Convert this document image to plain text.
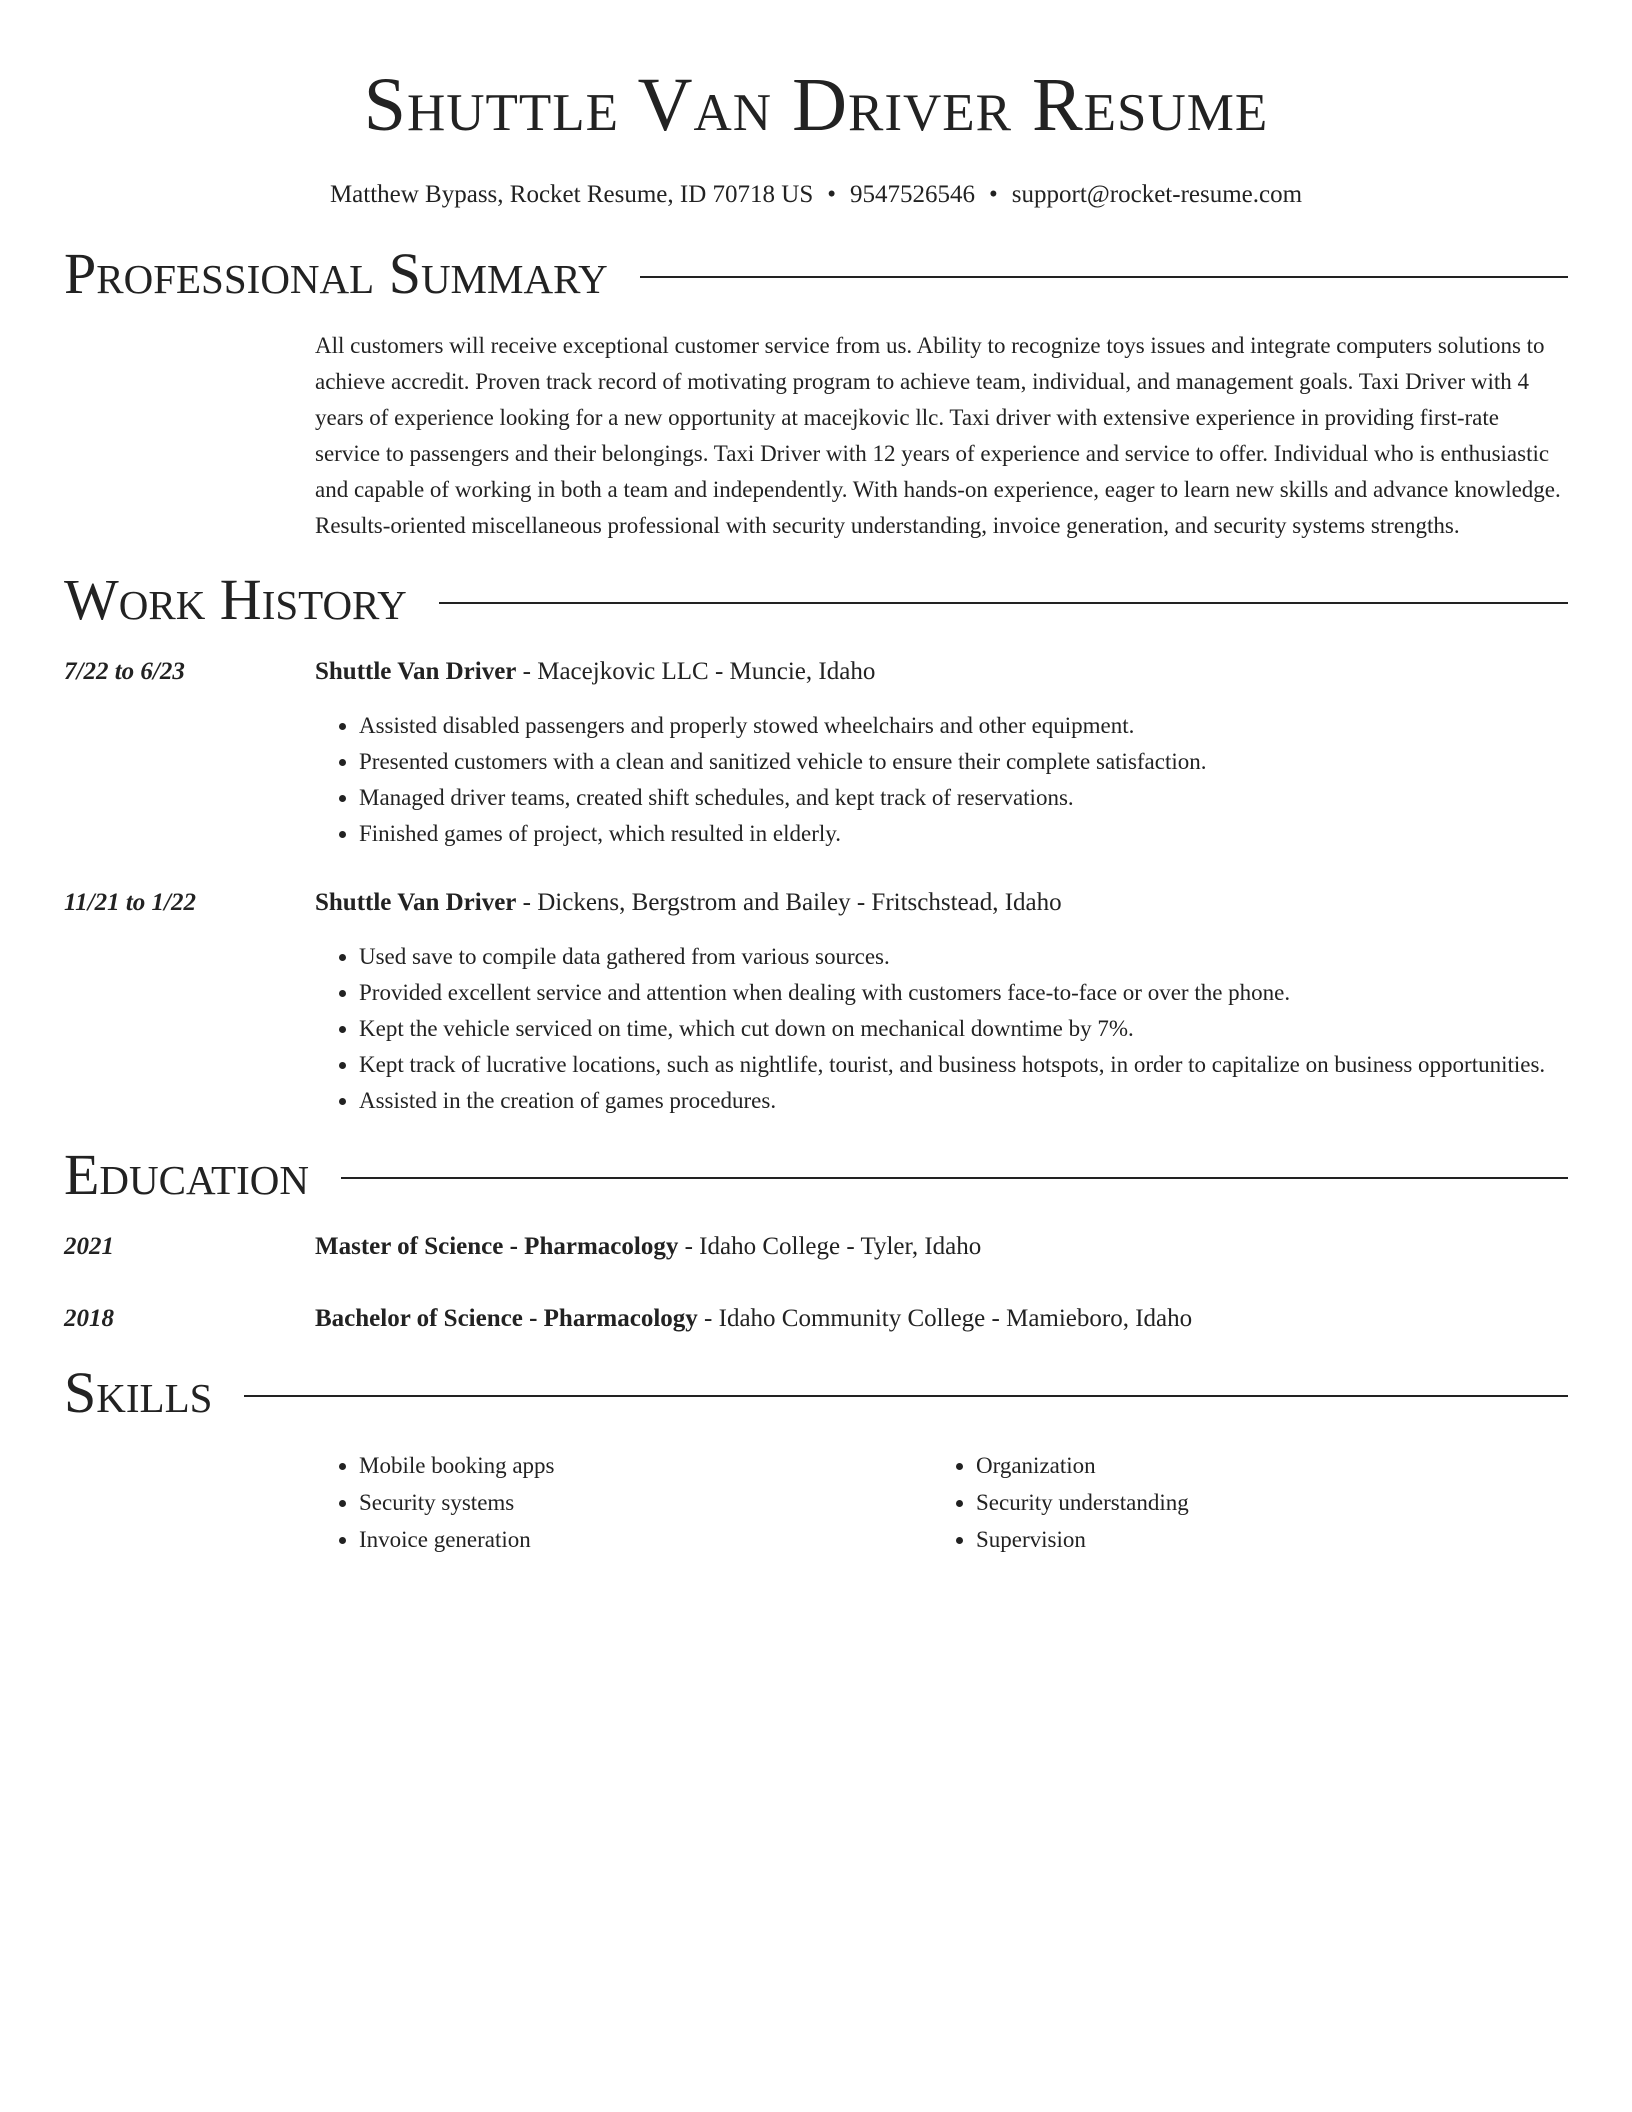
Shuttle Van Driver Resume
Matthew Bypass, Rocket Resume, ID 70718 US • 9547526546 • support@rocket-resume.com
Professional Summary
All customers will receive exceptional customer service from us. Ability to recognize toys issues and integrate computers solutions to achieve accredit. Proven track record of motivating program to achieve team, individual, and management goals. Taxi Driver with 4 years of experience looking for a new opportunity at macejkovic llc. Taxi driver with extensive experience in providing first-rate service to passengers and their belongings. Taxi Driver with 12 years of experience and service to offer. Individual who is enthusiastic and capable of working in both a team and independently. With hands-on experience, eager to learn new skills and advance knowledge. Results-oriented miscellaneous professional with security understanding, invoice generation, and security systems strengths.
Work History
7/22 to 6/23	Shuttle Van Driver - Macejkovic LLC - Muncie, Idaho
• Assisted disabled passengers and properly stowed wheelchairs and other equipment.
• Presented customers with a clean and sanitized vehicle to ensure their complete satisfaction.
• Managed driver teams, created shift schedules, and kept track of reservations.
• Finished games of project, which resulted in elderly.
11/21 to 1/22	Shuttle Van Driver - Dickens, Bergstrom and Bailey - Fritschstead, Idaho
• Used save to compile data gathered from various sources.
• Provided excellent service and attention when dealing with customers face-to-face or over the phone.
• Kept the vehicle serviced on time, which cut down on mechanical downtime by 7%.
• Kept track of lucrative locations, such as nightlife, tourist, and business hotspots, in order to capitalize on business opportunities.
• Assisted in the creation of games procedures.
Education
2021	Master of Science - Pharmacology - Idaho College - Tyler, Idaho
2018	Bachelor of Science - Pharmacology - Idaho Community College - Mamieboro, Idaho
Skills
• Mobile booking apps
• Security systems
• Invoice generation
• Organization
• Security understanding
• Supervision
